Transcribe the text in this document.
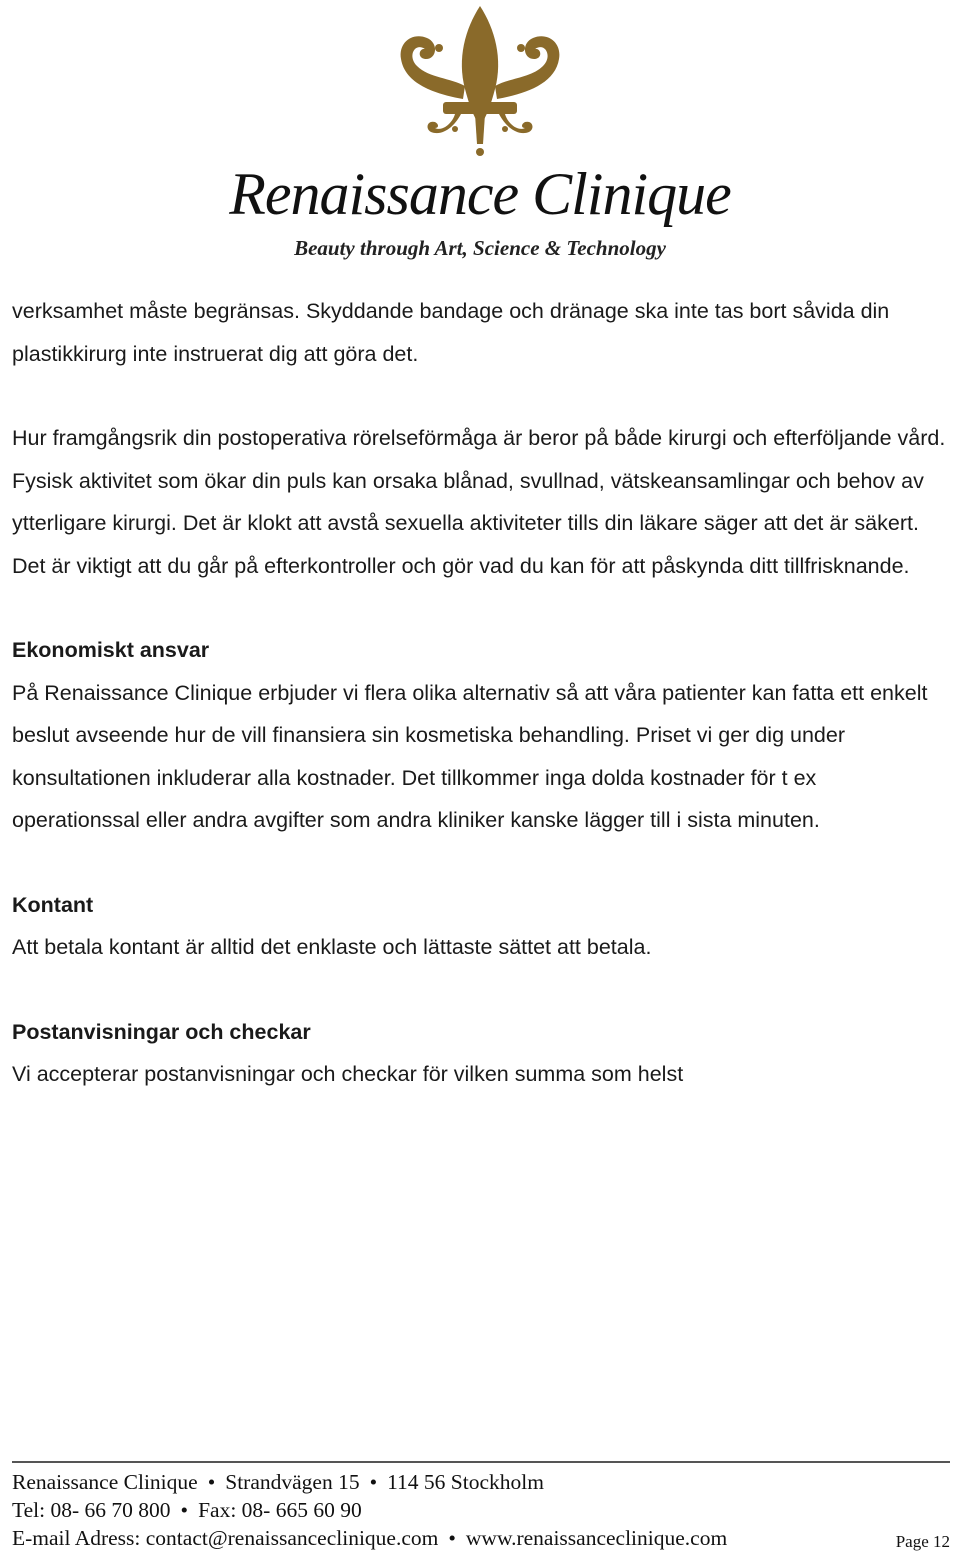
Renaissance Clinique
Beauty through Art, Science & Technology

verksamhet måste begränsas. Skyddande bandage och dränage ska inte tas bort såvida din plastikkirurg inte instruerat dig att göra det.

Hur framgångsrik din postoperativa rörelseförmåga är beror på både kirurgi och efterföljande vård. Fysisk aktivitet som ökar din puls kan orsaka blånad, svullnad, vätskeansamlingar och behov av ytterligare kirurgi. Det är klokt att avstå sexuella aktiviteter tills din läkare säger att det är säkert. Det är viktigt att du går på efterkontroller och gör vad du kan för att påskynda ditt tillfrisknande.

Ekonomiskt ansvar

På Renaissance Clinique erbjuder vi flera olika alternativ så att våra patienter kan fatta ett enkelt beslut avseende hur de vill finansiera sin kosmetiska behandling. Priset vi ger dig under konsultationen inkluderar alla kostnader. Det tillkommer inga dolda kostnader för t ex operationssal eller andra avgifter som andra kliniker kanske lägger till i sista minuten.

Kontant

Att betala kontant är alltid det enklaste och lättaste sättet att betala.

Postanvisningar och checkar

Vi accepterar postanvisningar och checkar för vilken summa som helst

Renaissance Clinique • Strandvägen 15 • 114 56 Stockholm
Tel: 08- 66 70 800 • Fax: 08- 665 60 90
E-mail Adress: contact@renaissanceclinique.com • www.renaissanceclinique.com	Page 12
